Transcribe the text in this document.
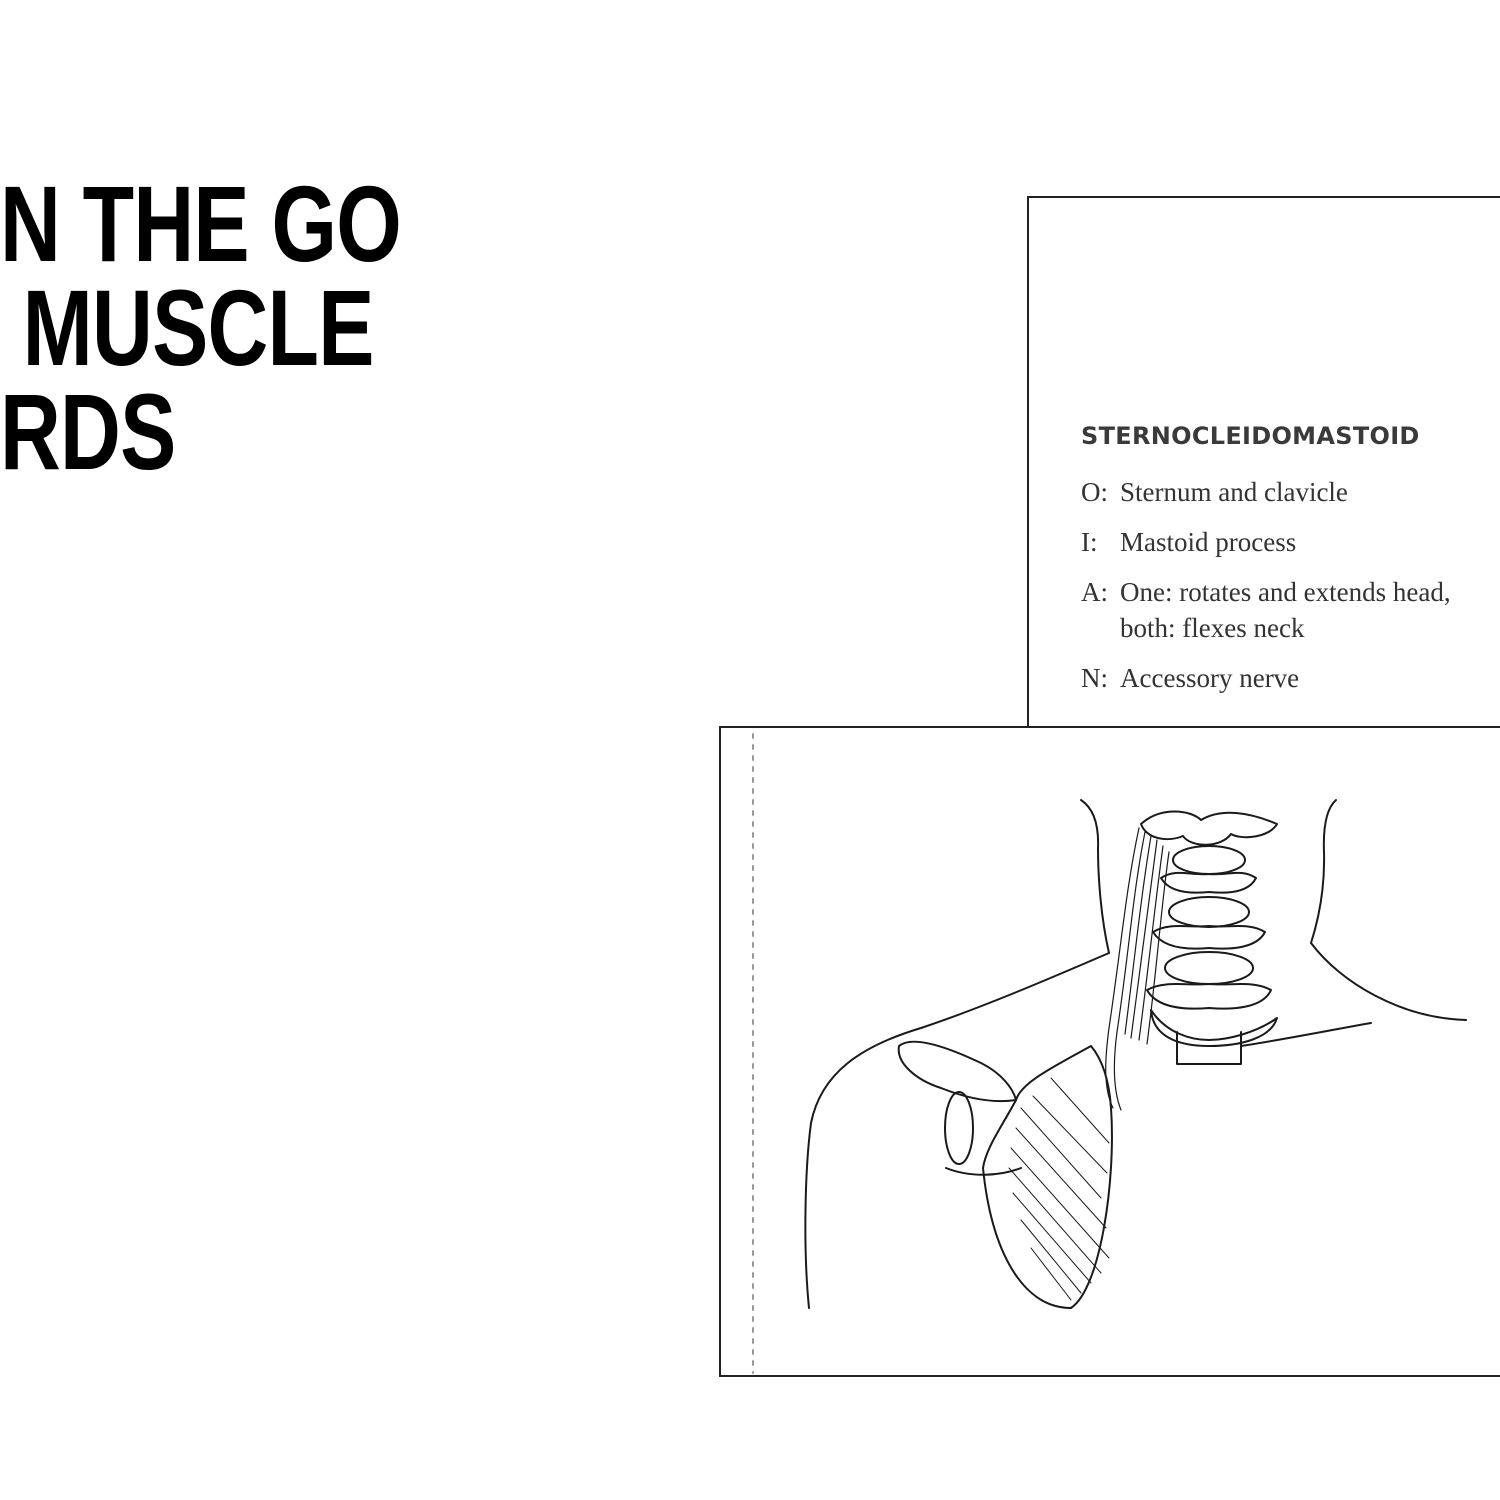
N THE GO
MUSCLE
RDS	STERNOCLEIDOMASTOID
O: Sternum and clavicle
I: Mastoid process
A: One: rotates and extends head,
both: flexes neck
N: Accessory nerve
